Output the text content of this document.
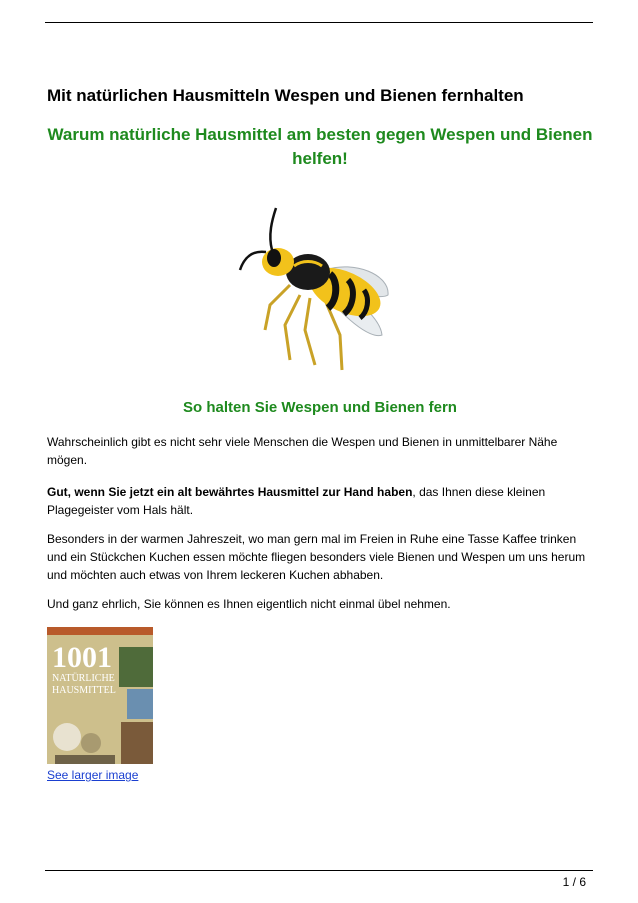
Mit natürlichen Hausmitteln Wespen und Bienen fernhalten
Warum natürliche Hausmittel am besten gegen Wespen und Bienen helfen!
So halten Sie Wespen und Bienen fern
Wahrscheinlich gibt es nicht sehr viele Menschen die Wespen und Bienen in unmittelbarer Nähe mögen.
Gut, wenn Sie jetzt ein alt bewährtes Hausmittel zur Hand haben, das Ihnen diese kleinen Plagegeister vom Hals hält.
Besonders in der warmen Jahreszeit, wo man gern mal im Freien in Ruhe eine Tasse Kaffee trinken und ein Stückchen Kuchen essen möchte fliegen besonders viele Bienen und Wespen um uns herum und möchten auch etwas von Ihrem leckeren Kuchen abhaben.
Und ganz ehrlich, Sie können es Ihnen eigentlich nicht einmal übel nehmen.
1001
NATÜRLICHE
HAUSMITTEL
See larger image
1 / 6
